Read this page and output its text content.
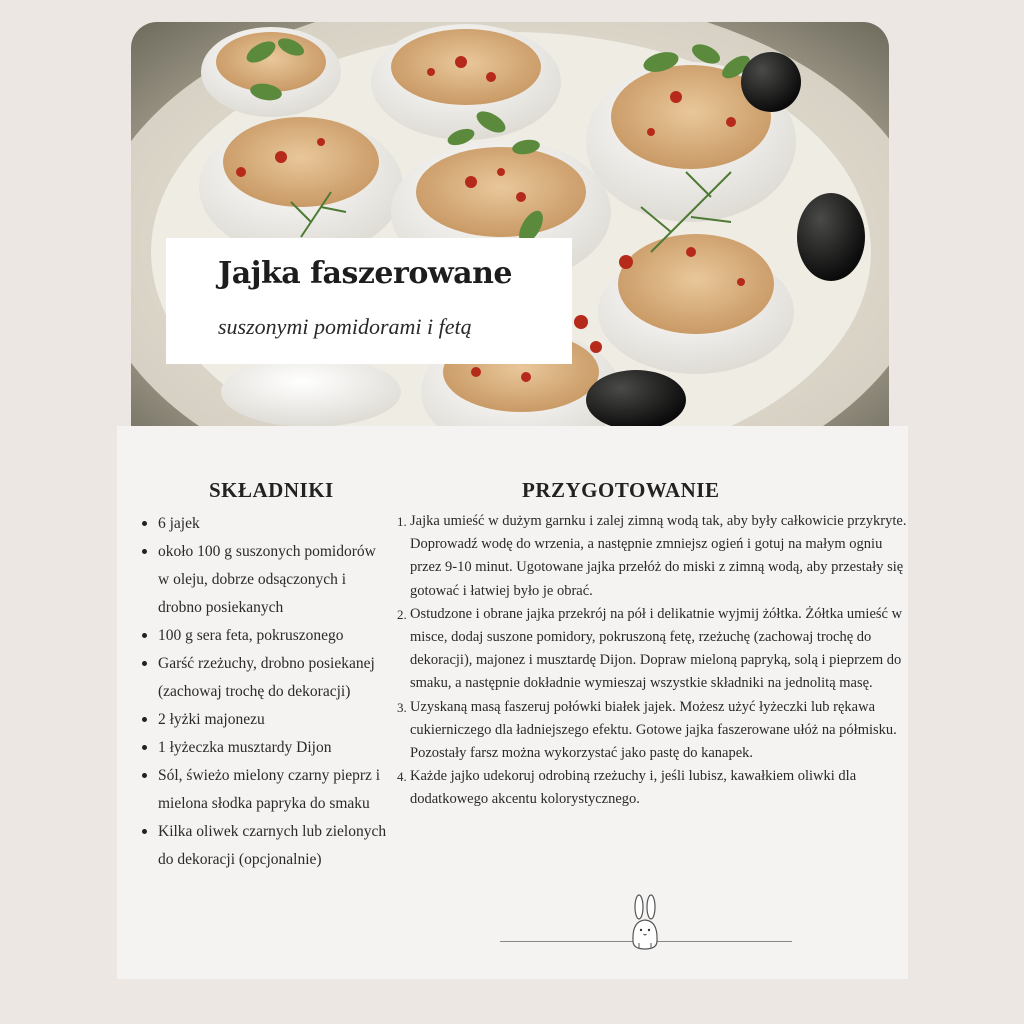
Jajka faszerowane
suszonymi pomidorami i fetą
SKŁADNIKI
6 jajek
około 100 g suszonych pomidorów w oleju, dobrze odsączonych i drobno posiekanych
100 g sera feta, pokruszonego
Garść rzeżuchy, drobno posiekanej (zachowaj trochę do dekoracji)
2 łyżki majonezu
1 łyżeczka musztardy Dijon
Sól, świeżo mielony czarny pieprz i mielona słodka papryka do smaku
Kilka oliwek czarnych lub zielonych do dekoracji (opcjonalnie)
PRZYGOTOWANIE
1. Jajka umieść w dużym garnku i zalej zimną wodą tak, aby były całkowicie przykryte. Doprowadź wodę do wrzenia, a następnie zmniejsz ogień i gotuj na małym ogniu przez 9-10 minut. Ugotowane jajka przełóż do miski z zimną wodą, aby przestały się gotować i łatwiej było je obrać.
2. Ostudzone i obrane jajka przekrój na pół i delikatnie wyjmij żółtka. Żółtka umieść w misce, dodaj suszone pomidory, pokruszoną fetę, rzeżuchę (zachowaj trochę do dekoracji), majonez i musztardę Dijon. Dopraw mieloną papryką, solą i pieprzem do smaku, a następnie dokładnie wymieszaj wszystkie składniki na jednolitą masę.
3. Uzyskaną masą faszeruj połówki białek jajek. Możesz użyć łyżeczki lub rękawa cukierniczego dla ładniejszego efektu. Gotowe jajka faszerowane ułóż na półmisku. Pozostały farsz można wykorzystać jako pastę do kanapek.
4. Każde jajko udekoruj odrobiną rzeżuchy i, jeśli lubisz, kawałkiem oliwki dla dodatkowego akcentu kolorystycznego.
